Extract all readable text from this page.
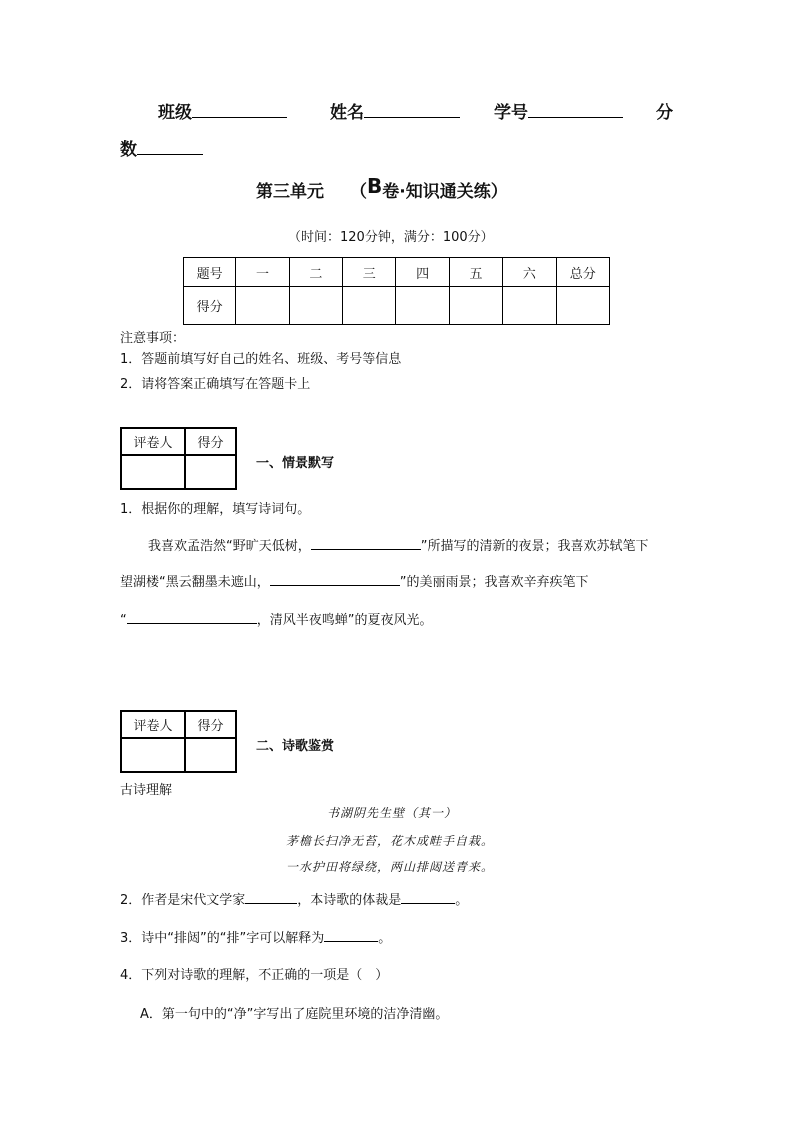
班级	姓名	学号	分
数
第三单元 （B卷·知识通关练）
（时间：120分钟，满分：100分）
题号	一	二	三	四	五	六	总分
得分							
注意事项：
1．答题前填写好自己的姓名、班级、考号等信息
2．请将答案正确填写在答题卡上
评卷人	得分

一、情景默写
1．根据你的理解，填写诗词句。
我喜欢孟浩然“野旷天低树，	”所描写的清新的夜景；我喜欢苏轼笔下
望湖楼“黑云翻墨未遮山，	”的美丽雨景；我喜欢辛弃疾笔下
“	，清风半夜鸣蝉”的夏夜风光。
评卷人	得分

二、诗歌鉴赏
古诗理解
书湖阴先生壁（其一）
茅檐长扫净无苔，花木成畦手自栽。
一水护田将绿绕，两山排闼送青来。
2．作者是宋代文学家	，本诗歌的体裁是	。
3．诗中“排闼”的“排”字可以解释为	。
4．下列对诗歌的理解，不正确的一项是（　）
A．第一句中的“净”字写出了庭院里环境的洁净清幽。
